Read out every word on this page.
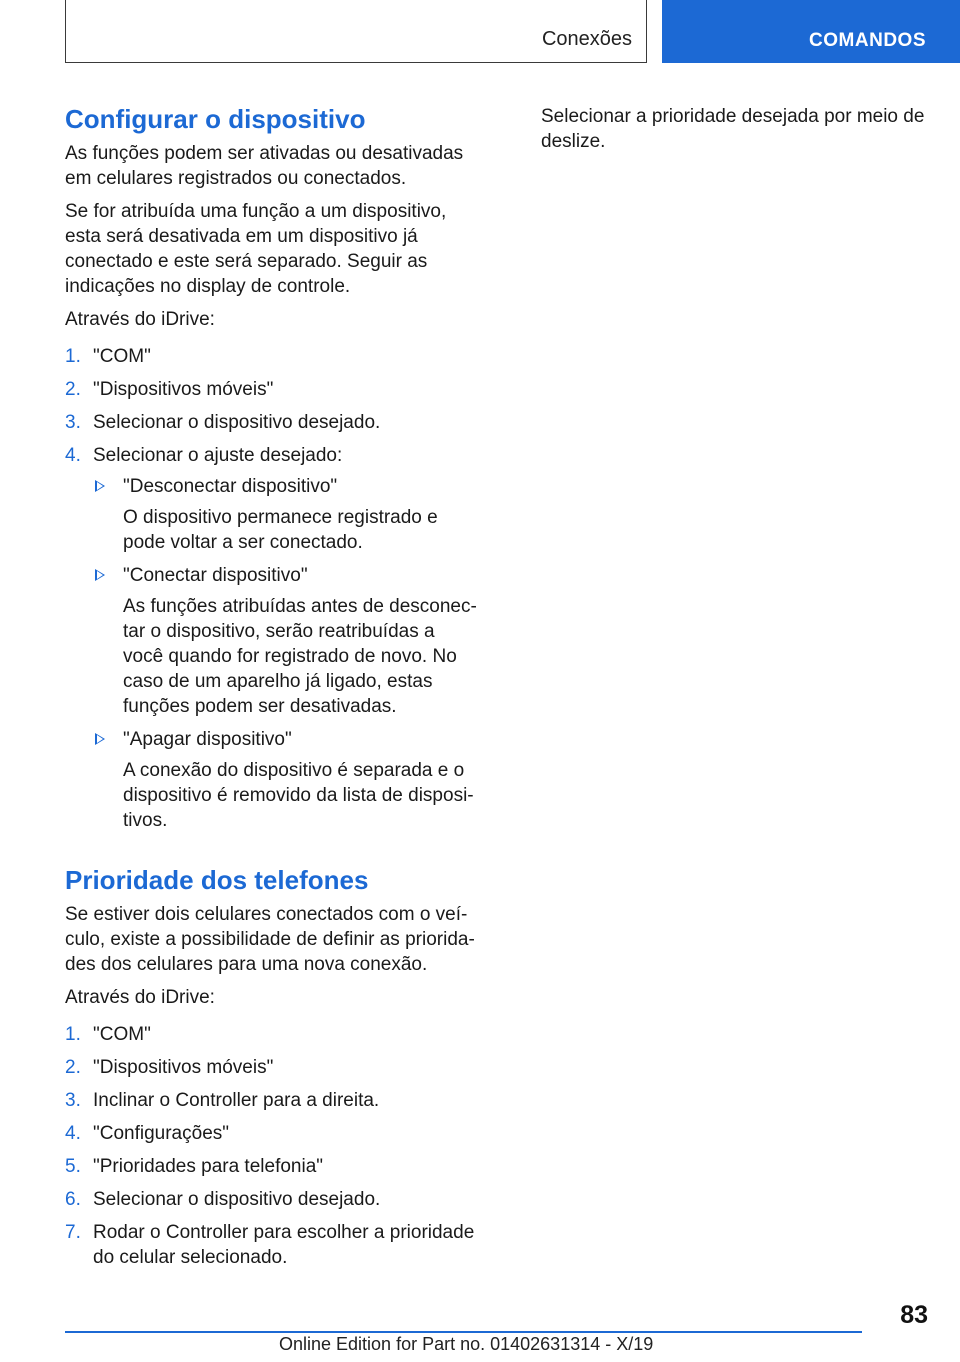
Conexões	COMANDOS
Configurar o dispositivo

As funções podem ser ativadas ou desativadas em celulares registrados ou conectados.

Se for atribuída uma função a um dispositivo, esta será desativada em um dispositivo já conectado e este será separado. Seguir as indicações no display de controle.

Através do iDrive:

1. "COM"
2. "Dispositivos móveis"
3. Selecionar o dispositivo desejado.
4. Selecionar o ajuste desejado:
"Desconectar dispositivo"
O dispositivo permanece registrado e pode voltar a ser conectado.
"Conectar dispositivo"
As funções atribuídas antes de desconectar o dispositivo, serão reatribuídas a você quando for registrado de novo. No caso de um aparelho já ligado, estas funções podem ser desativadas.
"Apagar dispositivo"
A conexão do dispositivo é separada e o dispositivo é removido da lista de dispositivos.
Prioridade dos telefones

Se estiver dois celulares conectados com o veículo, existe a possibilidade de definir as prioridades dos celulares para uma nova conexão.

Através do iDrive:

1. "COM"
2. "Dispositivos móveis"
3. Inclinar o Controller para a direita.
4. "Configurações"
5. "Prioridades para telefonia"
6. Selecionar o dispositivo desejado.
7. Rodar o Controller para escolher a prioridade do celular selecionado.

Selecionar a prioridade desejada por meio de deslize.

83
Online Edition for Part no. 01402631314 - X/19
